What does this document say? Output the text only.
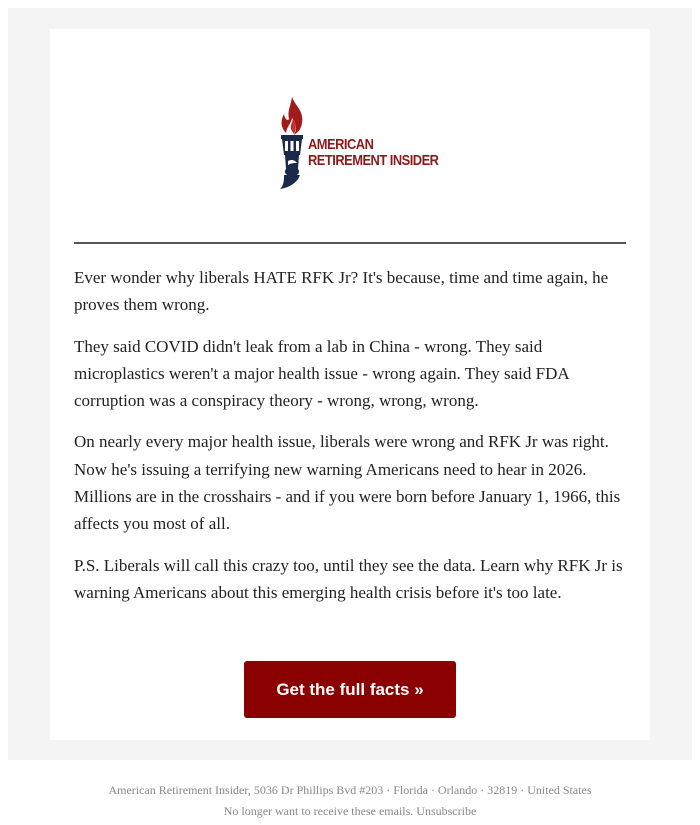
AMERICAN
RETIREMENT INSIDER

Ever wonder why liberals HATE RFK Jr? It's because, time and time again, he proves them wrong.

They said COVID didn't leak from a lab in China - wrong. They said microplastics weren't a major health issue - wrong again. They said FDA corruption was a conspiracy theory - wrong, wrong, wrong.

On nearly every major health issue, liberals were wrong and RFK Jr was right. Now he's issuing a terrifying new warning Americans need to hear in 2026. Millions are in the crosshairs - and if you were born before January 1, 1966, this affects you most of all.

P.S. Liberals will call this crazy too, until they see the data. Learn why RFK Jr is warning Americans about this emerging health crisis before it's too late.

Get the full facts »
American Retirement Insider, 5036 Dr Phillips Bvd #203 · Florida · Orlando · 32819 · United States
No longer want to receive these emails. Unsubscribe
